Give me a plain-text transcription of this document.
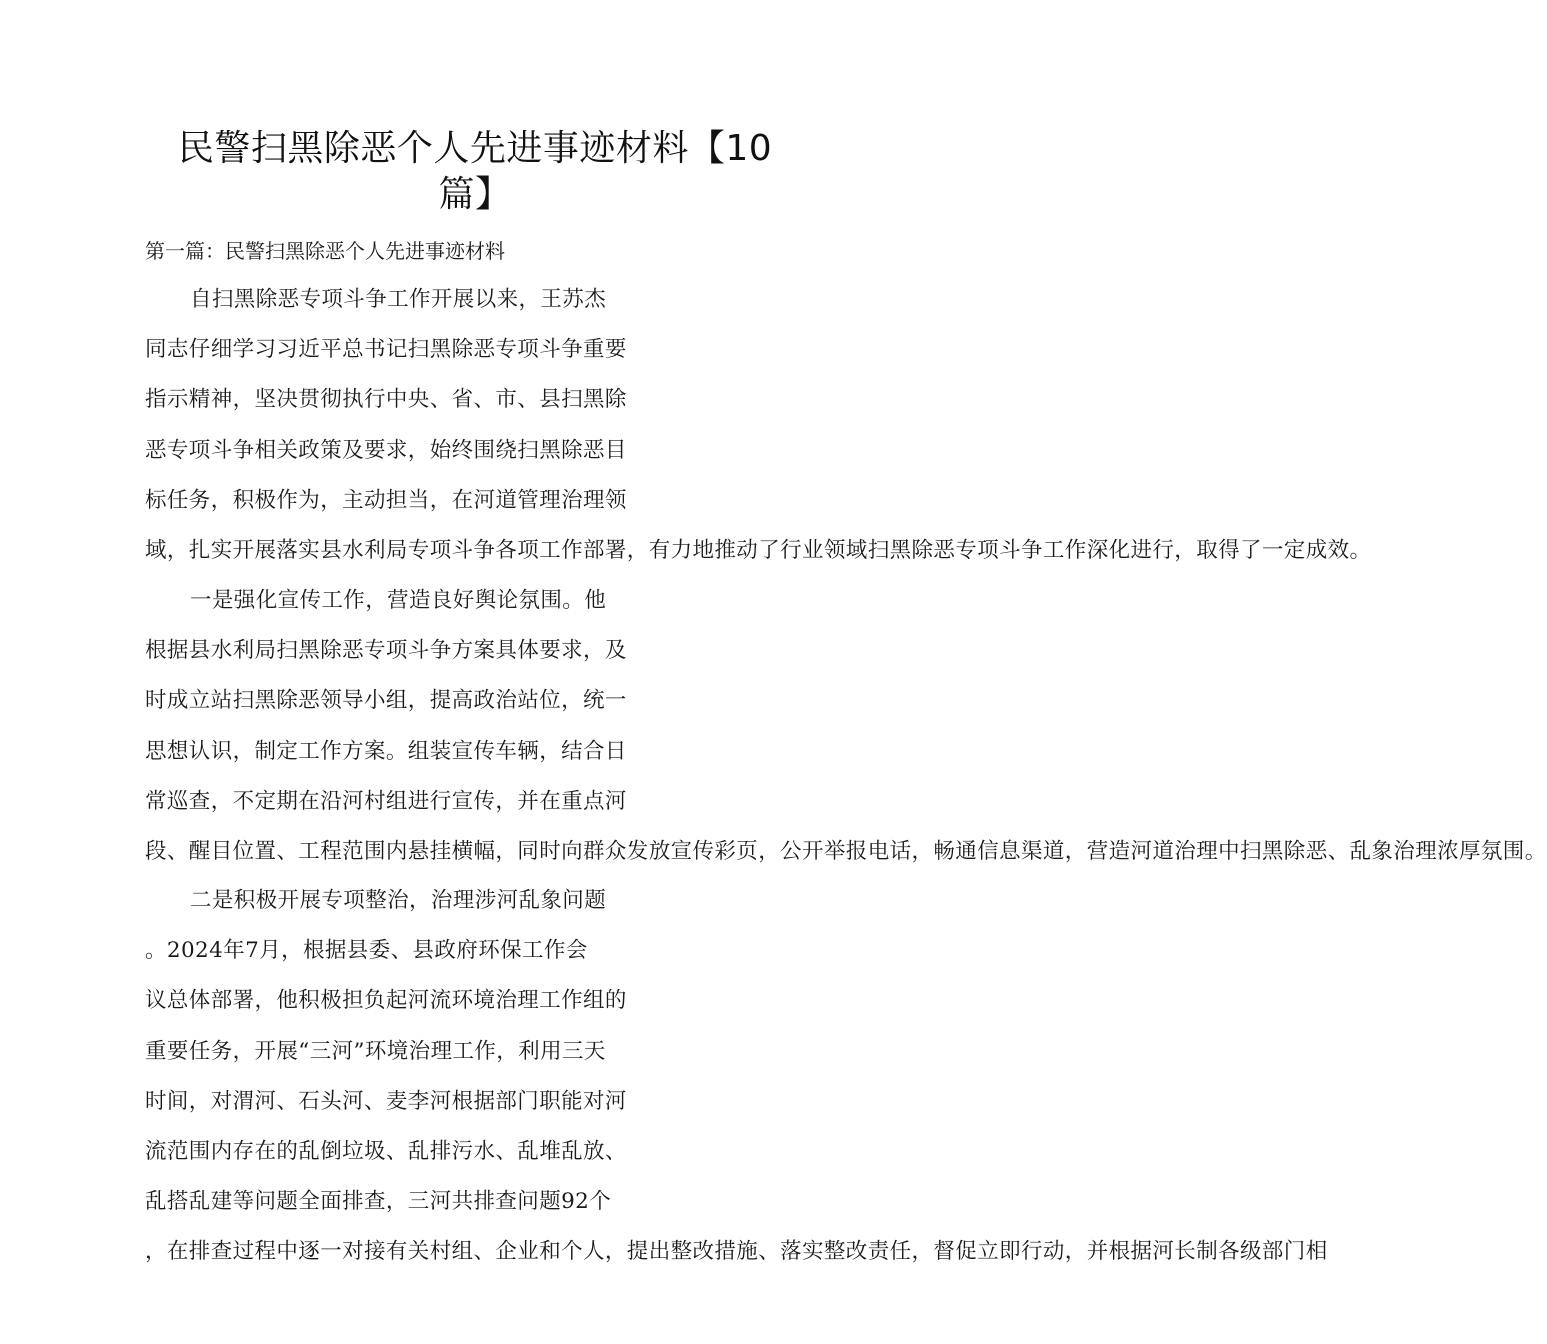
民警扫黑除恶个人先进事迹材料【10
篇】
第一篇：民警扫黑除恶个人先进事迹材料
自扫黑除恶专项斗争工作开展以来，王苏杰
同志仔细学习习近平总书记扫黑除恶专项斗争重要
指示精神，坚决贯彻执行中央、省、市、县扫黑除
恶专项斗争相关政策及要求，始终围绕扫黑除恶目
标任务，积极作为，主动担当，在河道管理治理领
域，扎实开展落实县水利局专项斗争各项工作部署，有力地推动了行业领域扫黑除恶专项斗争工作深化进行，取得了一定成效。
一是强化宣传工作，营造良好舆论氛围。他
根据县水利局扫黑除恶专项斗争方案具体要求，及
时成立站扫黑除恶领导小组，提高政治站位，统一
思想认识，制定工作方案。组装宣传车辆，结合日
常巡查，不定期在沿河村组进行宣传，并在重点河
段、醒目位置、工程范围内悬挂横幅，同时向群众发放宣传彩页，公开举报电话，畅通信息渠道，营造河道治理中扫黑除恶、乱象治理浓厚氛围。
二是积极开展专项整治，治理涉河乱象问题
。2024年7月，根据县委、县政府环保工作会
议总体部署，他积极担负起河流环境治理工作组的
重要任务，开展“三河”环境治理工作，利用三天
时间，对渭河、石头河、麦李河根据部门职能对河
流范围内存在的乱倒垃圾、乱排污水、乱堆乱放、
乱搭乱建等问题全面排查，三河共排查问题92个
，在排查过程中逐一对接有关村组、企业和个人，提出整改措施、落实整改责任，督促立即行动，并根据河长制各级部门相
